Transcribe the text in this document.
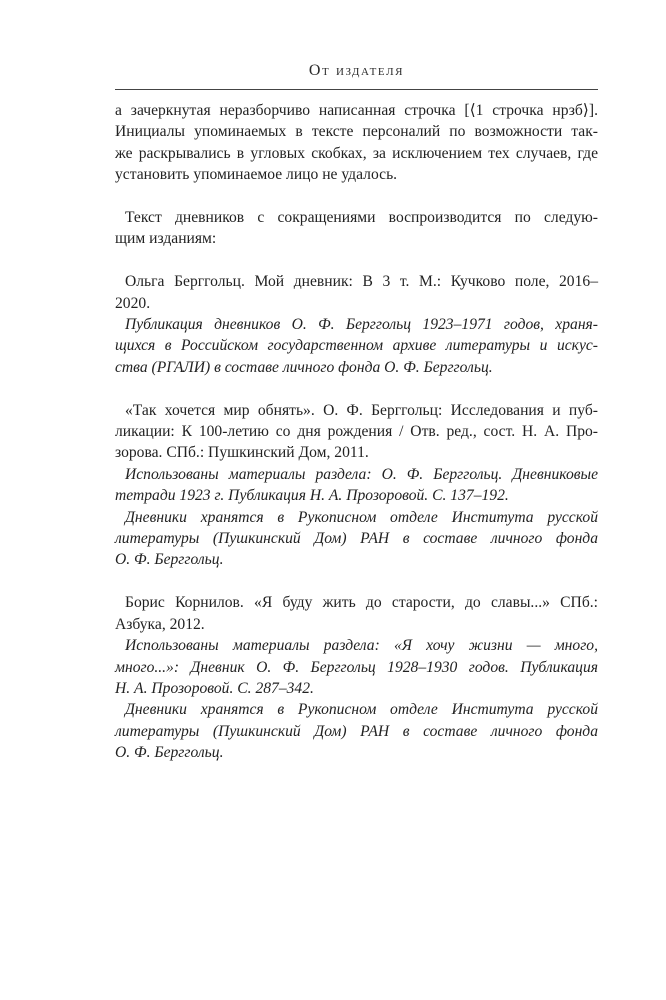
От издателя

а зачеркнутая неразборчиво написанная строчка [⟨1 строчка нрзб⟩].
Инициалы упоминаемых в тексте персоналий по возможности так-
же раскрывались в угловых скобках, за исключением тех случаев, где
установить упоминаемое лицо не удалось.

Текст дневников с сокращениями воспроизводится по следую-
щим изданиям:

Ольга Берггольц. Мой дневник: В 3 т. М.: Кучково поле, 2016–
2020.

Публикация дневников О. Ф. Берггольц 1923–1971 годов, храня-
щихся в Российском государственном архиве литературы и искус-
ства (РГАЛИ) в составе личного фонда О. Ф. Берггольц.

«Так хочется мир обнять». О. Ф. Берггольц: Исследования и пуб-
ликации: К 100-летию со дня рождения / Отв. ред., сост. Н. А. Про-
зорова. СПб.: Пушкинский Дом, 2011.

Использованы материалы раздела: О. Ф. Берггольц. Дневниковые
тетради 1923 г. Публикация Н. А. Прозоровой. С. 137–192.

Дневники хранятся в Рукописном отделе Института русской
литературы (Пушкинский Дом) РАН в составе личного фонда
О. Ф. Берггольц.

Борис Корнилов. «Я буду жить до старости, до славы...» СПб.:
Азбука, 2012.

Использованы материалы раздела: «Я хочу жизни — много,
много...»: Дневник О. Ф. Берггольц 1928–1930 годов. Публикация
Н. А. Прозоровой. С. 287–342.

Дневники хранятся в Рукописном отделе Института русской
литературы (Пушкинский Дом) РАН в составе личного фонда
О. Ф. Берггольц.
